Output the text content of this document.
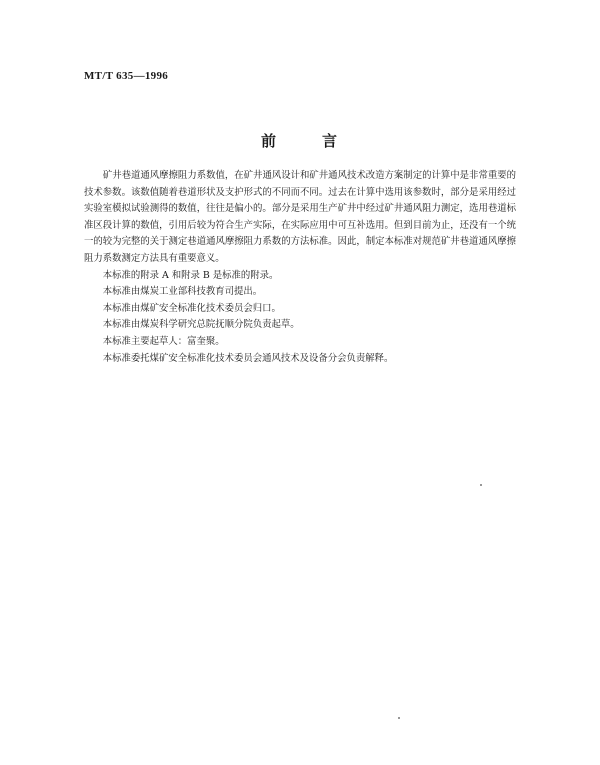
MT/T 635—1996
前	言

矿井巷道通风摩擦阻力系数值，在矿井通风设计和矿井通风技术改造方案制定的计算中是非常重要的技术参数。该数值随着巷道形状及支护形式的不同而不同。过去在计算中选用该参数时，部分是采用经过实验室模拟试验测得的数值，往往是偏小的。部分是采用生产矿井中经过矿井通风阻力测定，选用巷道标准区段计算的数值，引用后较为符合生产实际，在实际应用中可互补选用。但到目前为止，还没有一个统一的较为完整的关于测定巷道通风摩擦阻力系数的方法标准。因此，制定本标准对规范矿井巷道通风摩擦阻力系数测定方法具有重要意义。

本标准的附录 A 和附录 B 是标准的附录。

本标准由煤炭工业部科技教育司提出。

本标准由煤矿安全标准化技术委员会归口。

本标准由煤炭科学研究总院抚顺分院负责起草。

本标准主要起草人：富奎聚。

本标准委托煤矿安全标准化技术委员会通风技术及设备分会负责解释。
